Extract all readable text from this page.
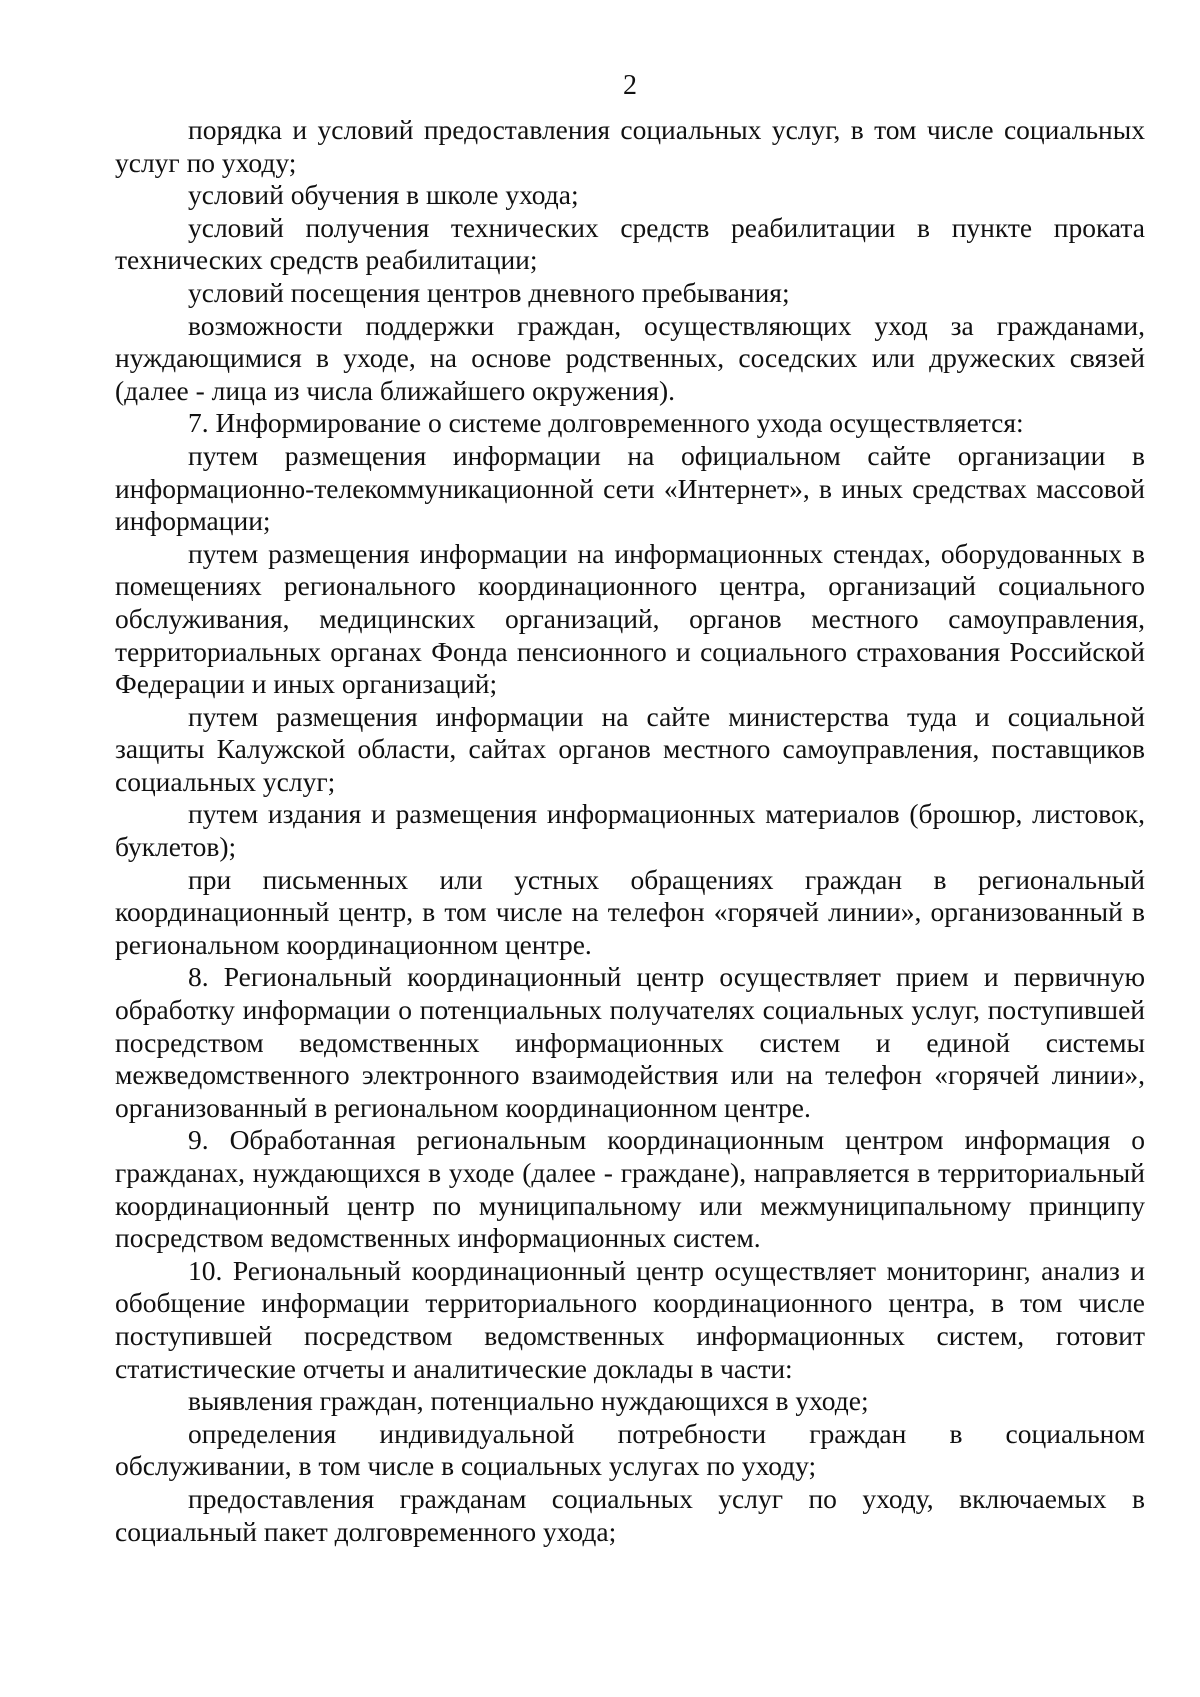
2

порядка и условий предоставления социальных услуг, в том числе социальных услуг по уходу;

условий обучения в школе ухода;

условий получения технических средств реабилитации в пункте проката технических средств реабилитации;

условий посещения центров дневного пребывания;

возможности поддержки граждан, осуществляющих уход за гражданами, нуждающимися в уходе, на основе родственных, соседских или дружеских связей (далее - лица из числа ближайшего окружения).

7. Информирование о системе долговременного ухода осуществляется:

путем размещения информации на официальном сайте организации в информационно-телекоммуникационной сети «Интернет», в иных средствах массовой информации;

путем размещения информации на информационных стендах, оборудованных в помещениях регионального координационного центра, организаций социального обслуживания, медицинских организаций, органов местного самоуправления, территориальных органах Фонда пенсионного и социального страхования Российской Федерации и иных организаций;

путем размещения информации на сайте министерства туда и социальной защиты Калужской области, сайтах органов местного самоуправления, поставщиков социальных услуг;

путем издания и размещения информационных материалов (брошюр, листовок, буклетов);

при письменных или устных обращениях граждан в региональный координационный центр, в том числе на телефон «горячей линии», организованный в региональном координационном центре.

8. Региональный координационный центр осуществляет прием и первичную обработку информации о потенциальных получателях социальных услуг, поступившей посредством ведомственных информационных систем и единой системы межведомственного электронного взаимодействия или на телефон «горячей линии», организованный в региональном координационном центре.

9. Обработанная региональным координационным центром информация о гражданах, нуждающихся в уходе (далее - граждане), направляется в территориальный координационный центр по муниципальному или межмуниципальному принципу посредством ведомственных информационных систем.

10. Региональный координационный центр осуществляет мониторинг, анализ и обобщение информации территориального координационного центра, в том числе поступившей посредством ведомственных информационных систем, готовит статистические отчеты и аналитические доклады в части:

выявления граждан, потенциально нуждающихся в уходе;

определения индивидуальной потребности граждан в социальном обслуживании, в том числе в социальных услугах по уходу;

предоставления гражданам социальных услуг по уходу, включаемых в социальный пакет долговременного ухода;
